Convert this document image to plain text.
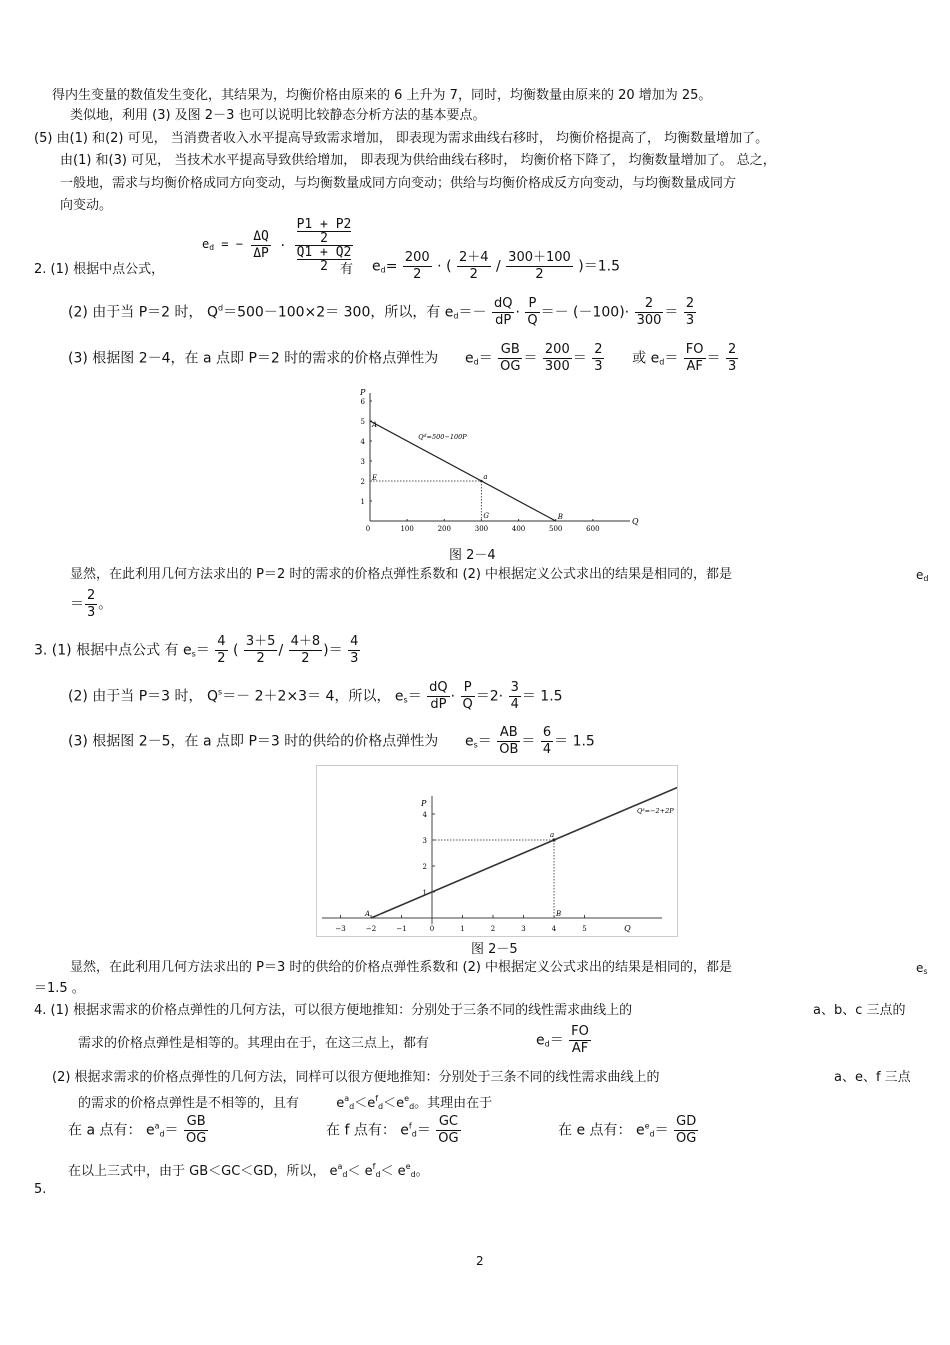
得内生变量的数值发生变化，其结果为，均衡价格由原来的 6 上升为 7，同时，均衡数量由原来的 20 增加为 25。
类似地，利用 (3) 及图 2－3 也可以说明比较静态分析方法的基本要点。
(5) 由(1) 和(2) 可见， 当消费者收入水平提高导致需求增加， 即表现为需求曲线右移时， 均衡价格提高了， 均衡数量增加了。
由(1) 和(3) 可见， 当技术水平提高导致供给增加， 即表现为供给曲线右移时， 均衡价格下降了， 均衡数量增加了。 总之，
一般地，需求与均衡价格成同方向变动，与均衡数量成同方向变动；供给与均衡价格成反方向变动，与均衡数量成同方
向变动。
$e_d$ = − $\frac{\Delta Q}{\Delta P} \cdot P1 + P2$
2
Q1 + Q2
2
2. (1) 根据中点公式，	有 $e_d= \frac{200}{2}$ · ( $\frac{2+4}{2} / \frac{300+100}{2} )=1.5$
(2) 由于当 P＝2 时， $Q^d=500-100\times 2= 300$，所以，有 $e_d=- \frac{dQ}{dP} \cdot \frac{P}{Q} =- (-100)\cdot \frac{2}{300} = \frac{2}{3}$
(3) 根据图 2－4，在 a 点即 P＝2 时的需求的价格点弹性为 $e_d= \frac{GB}{OG} = \frac{200}{300} = \frac{2}{3}$ 或 $e_d= \frac{FO}{AF} = \frac{2}{3}$
P
Q
0	100	200	300	400	500	600
1
2
3
4
5
6
A
B
a
E
G
$Q^d=500-100P$
图 2－4
显然，在此利用几何方法求出的 P＝2 时的需求的价格点弹性系数和 (2) 中根据定义公式求出的结果是相同的，都是	$e_d$
＝ $\frac{2}{3}$ 。
3. (1) 根据中点公式 有 $e_s= \frac{4}{2}$ ( $\frac{3+5}{2} / \frac{4+8}{2}$ )＝ $\frac{4}{3}$
(2) 由于当 P＝3 时， $Q^s=- 2+2\times 3= 4$，所以， $e_s= \frac{dQ}{dP} \cdot \frac{P}{Q} =2\cdot \frac{3}{4} = 1.5$
(3) 根据图 2－5，在 a 点即 P＝3 时的供给的价格点弹性为 $e_s= \frac{AB}{OB} = \frac{6}{4} = 1.5$
P
Q
−3	−2	−1	0	1	2	3	4	5
1
2
3
4
A	B
a
$Q^s=-2+2P$
图 2－5
显然，在此利用几何方法求出的 P＝3 时的供给的价格点弹性系数和 (2) 中根据定义公式求出的结果是相同的，都是	$e_s$
＝1.5 。
4. (1) 根据求需求的价格点弹性的几何方法，可以很方便地推知：分别处于三条不同的线性需求曲线上的	a、b、c 三点的
需求的价格点弹性是相等的。其理由在于，在这三点上，都有	$e_d= \frac{FO}{AF}$
(2) 根据求需求的价格点弹性的几何方法，同样可以很方便地推知：分别处于三条不同的线性需求曲线上的	a、e、f 三点
的需求的价格点弹性是不相等的，且有	$e^a_d<e^f_d<e^e_d$。其理由在于
在 a 点有： $e^a_d= \frac{GB}{OG}$	在 f 点有： $e^f_d= \frac{GC}{OG}$	在 e 点有： $e^e_d= \frac{GD}{OG}$
在以上三式中，由于 GB＜GC＜GD，所以， $e^a_d< e^f_d< e^e_d$。
5.
2
